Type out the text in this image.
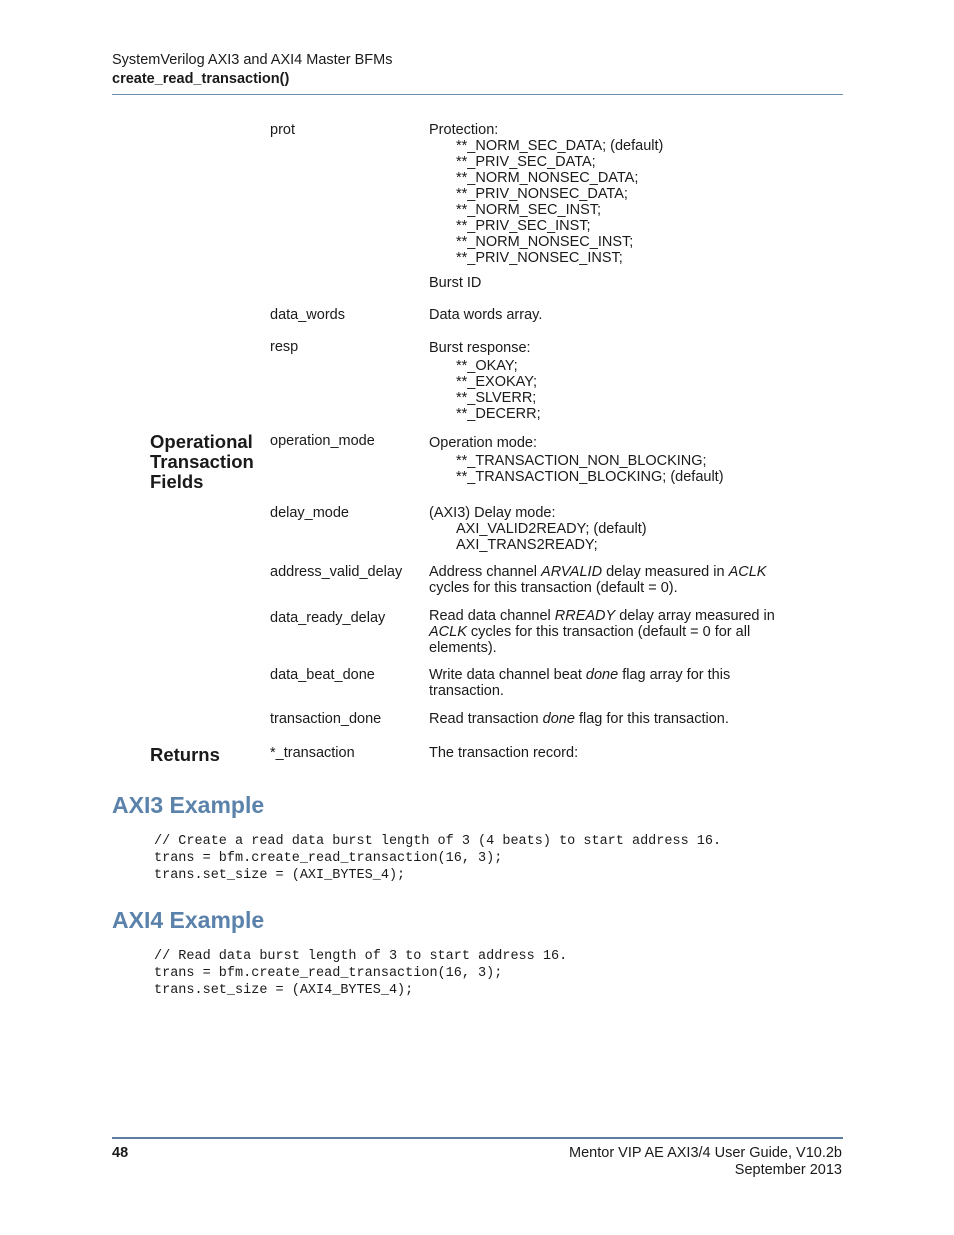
SystemVerilog AXI3 and AXI4 Master BFMs
create_read_transaction()
prot	Protection:
**_NORM_SEC_DATA; (default)
**_PRIV_SEC_DATA;
**_NORM_NONSEC_DATA;
**_PRIV_NONSEC_DATA;
**_NORM_SEC_INST;
**_PRIV_SEC_INST;
**_NORM_NONSEC_INST;
**_PRIV_NONSEC_INST;
Burst ID
data_words	Data words array.
resp	Burst response:
**_OKAY;
**_EXOKAY;
**_SLVERR;
**_DECERR;
Operational Transaction Fields
operation_mode	Operation mode:
**_TRANSACTION_NON_BLOCKING;
**_TRANSACTION_BLOCKING; (default)
delay_mode	(AXI3) Delay mode:
AXI_VALID2READY; (default)
AXI_TRANS2READY;
address_valid_delay Address channel ARVALID delay measured in ACLK
cycles for this transaction (default = 0).
data_ready_delay	Read data channel RREADY delay array measured in
ACLK cycles for this transaction (default = 0 for all
elements).
data_beat_done	Write data channel beat done flag array for this
transaction.
transaction_done	Read transaction done flag for this transaction.
Returns	*_transaction	The transaction record:
AXI3 Example
// Create a read data burst length of 3 (4 beats) to start address 16.
trans = bfm.create_read_transaction(16, 3);
trans.set_size = (AXI_BYTES_4);
AXI4 Example
// Read data burst length of 3 to start address 16.
trans = bfm.create_read_transaction(16, 3);
trans.set_size = (AXI4_BYTES_4);
48	Mentor VIP AE AXI3/4 User Guide, V10.2b
September 2013
